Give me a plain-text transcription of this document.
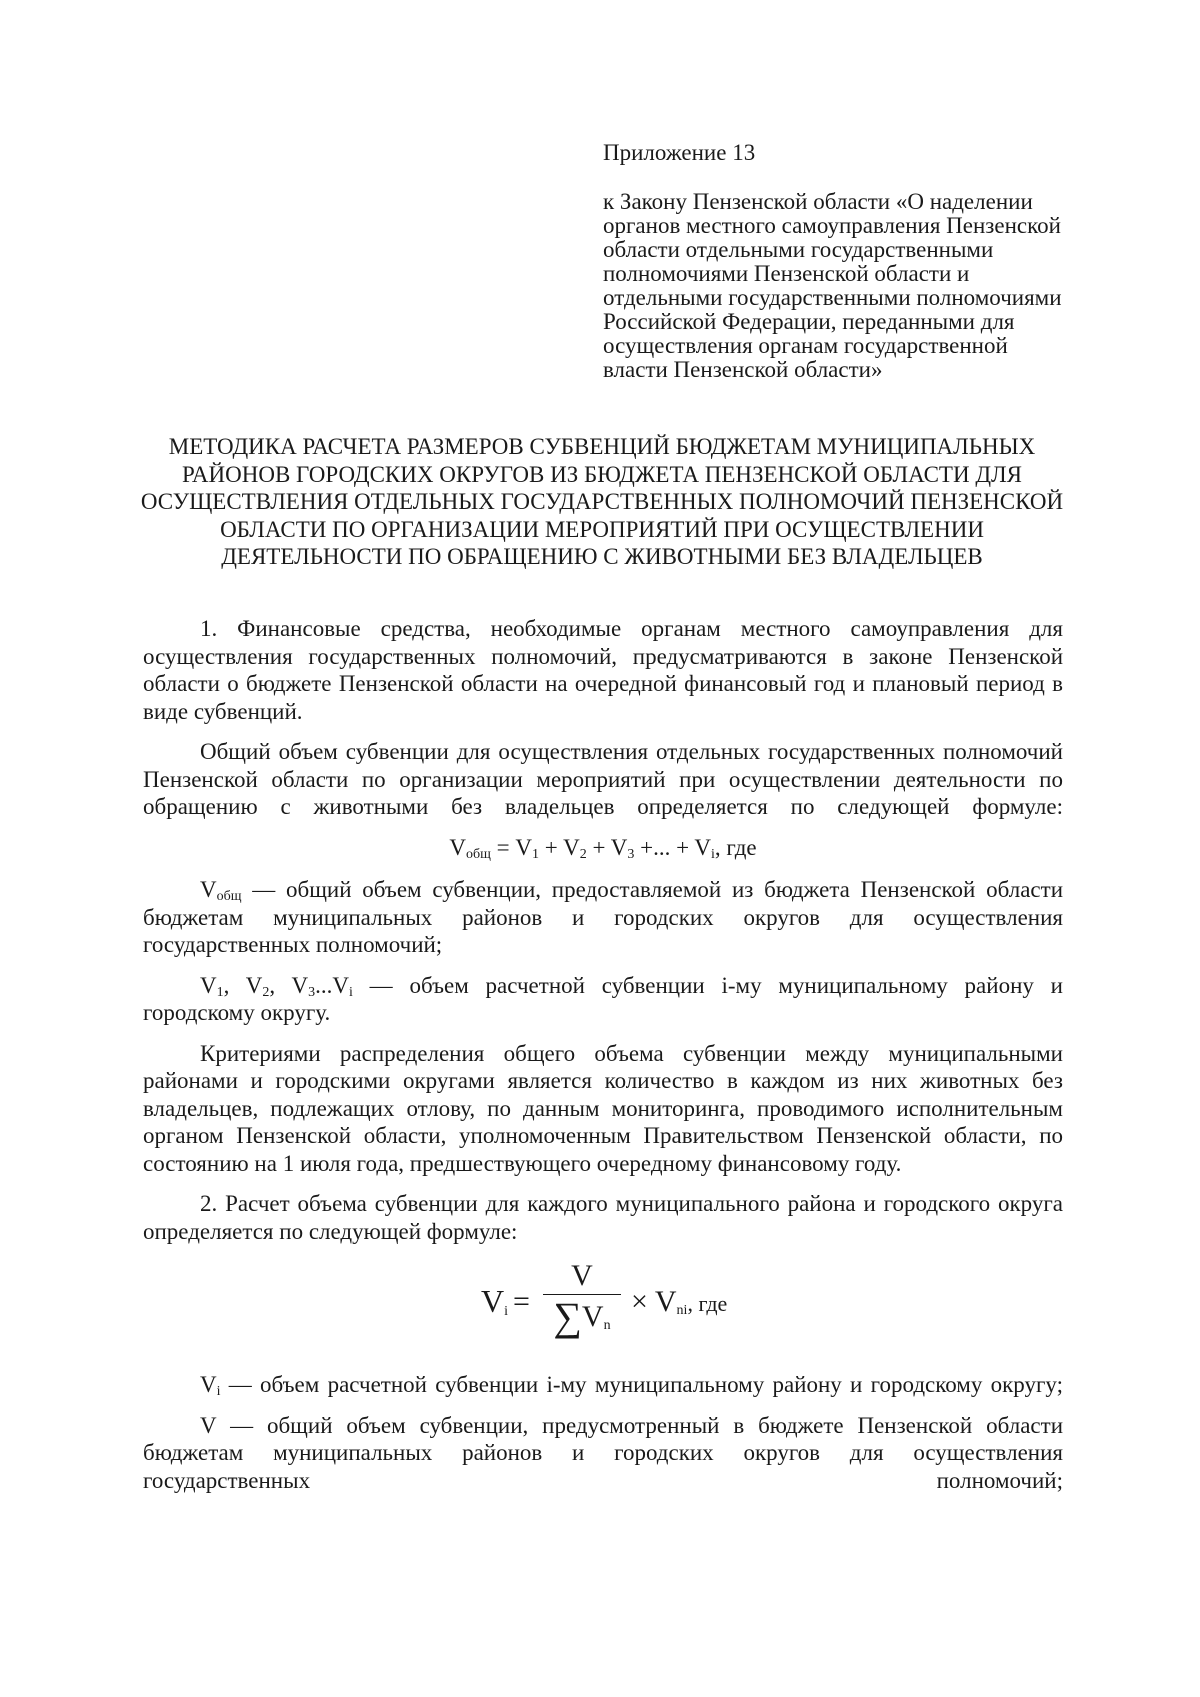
Приложение 13

к Закону Пензенской области «О наделении органов местного самоуправления Пензенской области отдельными государственными полномочиями Пензенской области и отдельными государственными полномочиями Российской Федерации, переданными для осуществления органам государственной власти Пензенской области»

МЕТОДИКА РАСЧЕТА РАЗМЕРОВ СУБВЕНЦИЙ БЮДЖЕТАМ МУНИЦИПАЛЬНЫХ РАЙОНОВ ГОРОДСКИХ ОКРУГОВ ИЗ БЮДЖЕТА ПЕНЗЕНСКОЙ ОБЛАСТИ ДЛЯ ОСУЩЕСТВЛЕНИЯ ОТДЕЛЬНЫХ ГОСУДАРСТВЕННЫХ ПОЛНОМОЧИЙ ПЕНЗЕНСКОЙ ОБЛАСТИ ПО ОРГАНИЗАЦИИ МЕРОПРИЯТИЙ ПРИ ОСУЩЕСТВЛЕНИИ ДЕЯТЕЛЬНОСТИ ПО ОБРАЩЕНИЮ С ЖИВОТНЫМИ БЕЗ ВЛАДЕЛЬЦЕВ

1. Финансовые средства, необходимые органам местного самоуправления для осуществления государственных полномочий, предусматриваются в законе Пензенской области о бюджете Пензенской области на очередной финансовый год и плановый период в виде субвенций.

Общий объем субвенции для осуществления отдельных государственных полномочий Пензенской области по организации мероприятий при осуществлении деятельности по обращению с животными без владельцев определяется по следующей формуле:

$V_{общ} = V_1 + V_2 + V_3$ +... + $V_i$, где

$V_{общ}$ — общий объем субвенции, предоставляемой из бюджета Пензенской области бюджетам муниципальных районов и городских округов для осуществления государственных полномочий;

$V_1$, $V_2$, $V_3...V_i$ — объем расчетной субвенции i-му муниципальному району и городскому округу.

Критериями распределения общего объема субвенции между муниципальными районами и городскими округами является количество в каждом из них животных без владельцев, подлежащих отлову, по данным мониторинга, проводимого исполнительным органом Пензенской области, уполномоченным Правительством Пензенской области, по состоянию на 1 июля года, предшествующего очередному финансовому году.

2. Расчет объема субвенции для каждого муниципального района и городского округа определяется по следующей формуле:

$V_i$ =
V
$\sum V_n$
× $V_{ni}$, где

$V_i$ — объем расчетной субвенции i-му муниципальному району и городскому округу;

V — общий объем субвенции, предусмотренный в бюджете Пензенской области бюджетам муниципальных районов и городских округов для осуществления государственных полномочий;
